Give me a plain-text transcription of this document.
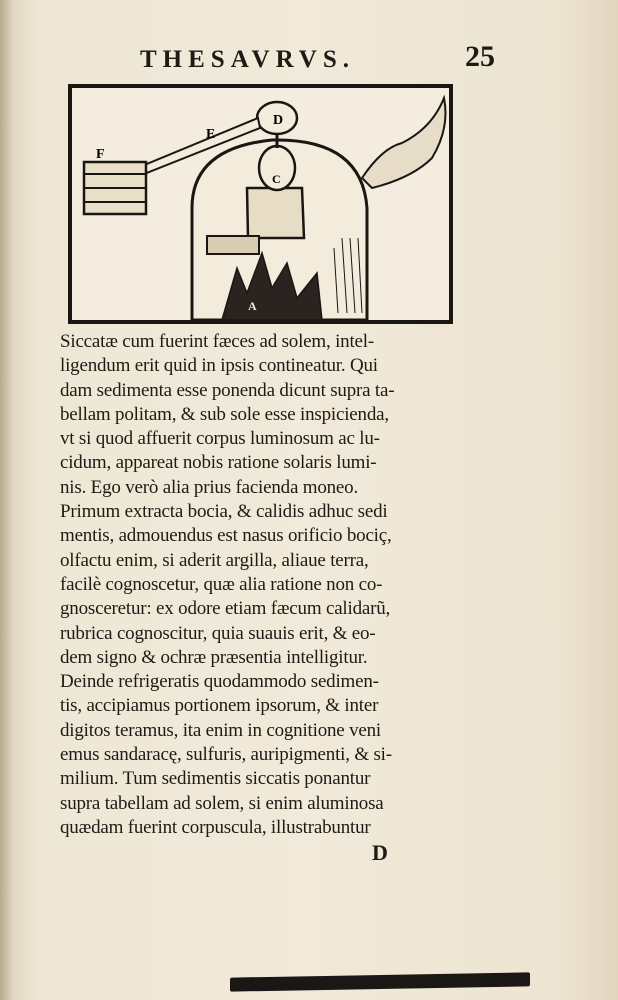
THESAVRVS.	25
E
D
C
F
A
Siccatæ cum fuerint fæces ad solem, intel-
ligendum erit quid in ipsis contineatur. Qui
dam sedimenta esse ponenda dicunt supra ta-
bellam politam, & sub sole esse inspicienda,
vt si quod affuerit corpus luminosum ac lu-
cidum, appareat nobis ratione solaris lumi-
nis. Ego verò alia prius facienda moneo.
Primum extracta bocia, & calidis adhuc sedi
mentis, admouendus est nasus orificio bociç,
olfactu enim, si aderit argilla, aliaue terra,
facilè cognoscetur, quæ alia ratione non co-
gnosceretur: ex odore etiam fæcum calidarũ,
rubrica cognoscitur, quia suauis erit, & eo-
dem signo & ochræ præsentia intelligitur.
Deinde refrigeratis quodammodo sedimen-
tis, accipiamus portionem ipsorum, & inter
digitos teramus, ita enim in cognitione veni
emus sandaracę, sulfuris, auripigmenti, & si-
milium. Tum sedimentis siccatis ponantur
supra tabellam ad solem, si enim aluminosa
quædam fuerint corpuscula, illustrabuntur
D
